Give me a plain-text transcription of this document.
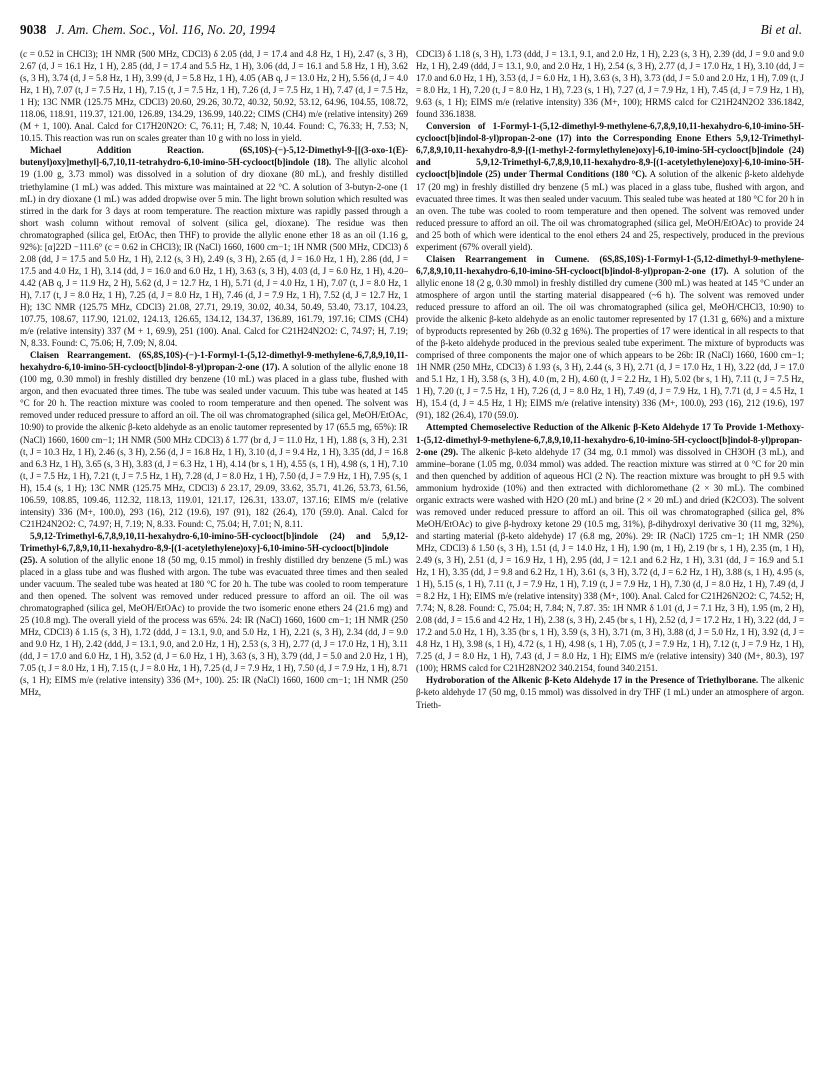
9038 J. Am. Chem. Soc., Vol. 116, No. 20, 1994	Bi et al.

(c = 0.52 in CHCl3); 1H NMR (500 MHz, CDCl3) δ 2.05 (dd, J = 17.4 and 4.8 Hz, 1 H), 2.47 (s, 3 H), 2.67 (d, J = 16.1 Hz, 1 H), 2.85 (dd, J = 17.4 and 5.5 Hz, 1 H), 3.06 (dd, J = 16.1 and 5.8 Hz, 1 H), 3.62 (s, 3 H), 3.74 (d, J = 5.8 Hz, 1 H), 3.99 (d, J = 5.8 Hz, 1 H), 4.05 (AB q, J = 13.0 Hz, 2 H), 5.56 (d, J = 4.0 Hz, 1 H), 7.07 (t, J = 7.5 Hz, 1 H), 7.15 (t, J = 7.5 Hz, 1 H), 7.26 (d, J = 7.5 Hz, 1 H), 7.47 (d, J = 7.5 Hz, 1 H); 13C NMR (125.75 MHz, CDCl3) 20.60, 29.26, 30.72, 40.32, 50.92, 53.12, 64.96, 104.55, 108.72, 118.06, 118.91, 119.37, 121.00, 126.89, 134.29, 136.99, 140.22; CIMS (CH4) m/e (relative intensity) 269 (M + 1, 100). Anal. Calcd for C17H20N2O: C, 76.11; H, 7.48; N, 10.44. Found: C, 76.33; H, 7.53; N, 10.15. This reaction was run on scales greater than 10 g with no loss in yield.

Michael Addition Reaction. (6S,10S)-(−)-5,12-Dimethyl-9-[[(3-oxo-1(E)-butenyl)oxy]methyl]-6,7,10,11-tetrahydro-6,10-imino-5H-cyclooct[b]indole (18). The allylic alcohol 19 (1.00 g, 3.73 mmol) was dissolved in a solution of dry dioxane (80 mL), and freshly distilled triethylamine (1 mL) was added. This mixture was maintained at 22 °C. A solution of 3-butyn-2-one (1 mL) in dry dioxane (1 mL) was added dropwise over 5 min. The light brown solution which resulted was stirred in the dark for 3 days at room temperature. The reaction mixture was rapidly passed through a short wash column without removal of solvent (silica gel, dioxane). The residue was then chromatographed (silica gel, EtOAc, then THF) to provide the allylic enone ether 18 as an oil (1.16 g, 92%): [α]22D −111.6° (c = 0.62 in CHCl3); IR (NaCl) 1660, 1600 cm−1; 1H NMR (500 MHz, CDCl3) δ 2.08 (dd, J = 17.5 and 5.0 Hz, 1 H), 2.12 (s, 3 H), 2.49 (s, 3 H), 2.65 (d, J = 16.0 Hz, 1 H), 2.86 (dd, J = 17.5 and 4.0 Hz, 1 H), 3.14 (dd, J = 16.0 and 6.0 Hz, 1 H), 3.63 (s, 3 H), 4.03 (d, J = 6.0 Hz, 1 H), 4.20–4.42 (AB q, J = 11.9 Hz, 2 H), 5.62 (d, J = 12.7 Hz, 1 H), 5.71 (d, J = 4.0 Hz, 1 H), 7.07 (t, J = 8.0 Hz, 1 H), 7.17 (t, J = 8.0 Hz, 1 H), 7.25 (d, J = 8.0 Hz, 1 H), 7.46 (d, J = 7.9 Hz, 1 H), 7.52 (d, J = 12.7 Hz, 1 H); 13C NMR (125.75 MHz, CDCl3) 21.08, 27.71, 29.19, 30.02, 40.34, 50.49, 53.40, 73.17, 104.23, 107.75, 108.67, 117.90, 121.02, 124.13, 126.65, 134.12, 134.37, 136.89, 161.79, 197.16; CIMS (CH4) m/e (relative intensity) 337 (M + 1, 69.9), 251 (100). Anal. Calcd for C21H24N2O2: C, 74.97; H, 7.19; N, 8.33. Found: C, 75.06; H, 7.09; N, 8.04.

Claisen Rearrangement. (6S,8S,10S)-(−)-1-Formyl-1-(5,12-dimethyl-9-methylene-6,7,8,9,10,11-hexahydro-6,10-imino-5H-cyclooct[b]indol-8-yl)propan-2-one (17). A solution of the allylic enone 18 (100 mg, 0.30 mmol) in freshly distilled dry benzene (10 mL) was placed in a glass tube, flushed with argon, and then evacuated three times. The tube was sealed under vacuum. This tube was heated at 145 °C for 20 h. The reaction mixture was cooled to room temperature and then opened. The solvent was removed under reduced pressure to afford an oil. The oil was chromatographed (silica gel, MeOH/EtOAc, 10:90) to provide the alkenic β-keto aldehyde as an enolic tautomer represented by 17 (65.5 mg, 65%): IR (NaCl) 1660, 1600 cm−1; 1H NMR (500 MHz CDCl3) δ 1.77 (br d, J = 11.0 Hz, 1 H), 1.88 (s, 3 H), 2.31 (t, J = 10.3 Hz, 1 H), 2.46 (s, 3 H), 2.56 (d, J = 16.8 Hz, 1 H), 3.10 (d, J = 9.4 Hz, 1 H), 3.35 (dd, J = 16.8 and 6.3 Hz, 1 H), 3.65 (s, 3 H), 3.83 (d, J = 6.3 Hz, 1 H), 4.14 (br s, 1 H), 4.55 (s, 1 H), 4.98 (s, 1 H), 7.10 (t, J = 7.5 Hz, 1 H), 7.21 (t, J = 7.5 Hz, 1 H), 7.28 (d, J = 8.0 Hz, 1 H), 7.50 (d, J = 7.9 Hz, 1 H), 7.95 (s, 1 H), 15.4 (s, 1 H); 13C NMR (125.75 MHz, CDCl3) δ 23.17, 29.09, 33.62, 35.71, 41.26, 53.73, 61.56, 106.59, 108.85, 109.46, 112.32, 118.13, 119.01, 121.17, 126.31, 133.07, 137.16; EIMS m/e (relative intensity) 336 (M+, 100.0), 293 (16), 212 (19.6), 197 (91), 182 (26.4), 170 (59.0). Anal. Calcd for C21H24N2O2: C, 74.97; H, 7.19; N, 8.33. Found: C, 75.04; H, 7.01; N, 8.11.

5,9,12-Trimethyl-6,7,8,9,10,11-hexahydro-6,10-imino-5H-cyclooct[b]indole (24) and 5,9,12-Trimethyl-6,7,8,9,10,11-hexahydro-8,9-[(1-acetylethylene)oxy]-6,10-imino-5H-cyclooct[b]indole (25). A solution of the allylic enone 18 (50 mg, 0.15 mmol) in freshly distilled dry benzene (5 mL) was placed in a glass tube and was flushed with argon. The tube was evacuated three times and then sealed under vacuum. The sealed tube was heated at 180 °C for 20 h. The tube was cooled to room temperature and then opened. The solvent was removed under reduced pressure to afford an oil. The oil was chromatographed (silica gel, MeOH/EtOAc) to provide the two isomeric enone ethers 24 (21.6 mg) and 25 (10.8 mg). The overall yield of the process was 65%. 24: IR (NaCl) 1660, 1600 cm−1; 1H NMR (250 MHz, CDCl3) δ 1.15 (s, 3 H), 1.72 (ddd, J = 13.1, 9.0, and 5.0 Hz, 1 H), 2.21 (s, 3 H), 2.34 (dd, J = 9.0 and 9.0 Hz, 1 H), 2.42 (ddd, J = 13.1, 9.0, and 2.0 Hz, 1 H), 2.53 (s, 3 H), 2.77 (d, J = 17.0 Hz, 1 H), 3.11 (dd, J = 17.0 and 6.0 Hz, 1 H), 3.52 (d, J = 6.0 Hz, 1 H), 3.63 (s, 3 H), 3.79 (dd, J = 5.0 and 2.0 Hz, 1 H), 7.05 (t, J = 8.0 Hz, 1 H), 7.15 (t, J = 8.0 Hz, 1 H), 7.25 (d, J = 7.9 Hz, 1 H), 7.50 (d, J = 7.9 Hz, 1 H), 8.71 (s, 1 H); EIMS m/e (relative intensity) 336 (M+, 100). 25: IR (NaCl) 1660, 1600 cm−1; 1H NMR (250 MHz,

CDCl3) δ 1.18 (s, 3 H), 1.73 (ddd, J = 13.1, 9.1, and 2.0 Hz, 1 H), 2.23 (s, 3 H), 2.39 (dd, J = 9.0 and 9.0 Hz, 1 H), 2.49 (ddd, J = 13.1, 9.0, and 2.0 Hz, 1 H), 2.54 (s, 3 H), 2.77 (d, J = 17.0 Hz, 1 H), 3.10 (dd, J = 17.0 and 6.0 Hz, 1 H), 3.53 (d, J = 6.0 Hz, 1 H), 3.63 (s, 3 H), 3.73 (dd, J = 5.0 and 2.0 Hz, 1 H), 7.09 (t, J = 8.0 Hz, 1 H), 7.20 (t, J = 8.0 Hz, 1 H), 7.23 (s, 1 H), 7.27 (d, J = 7.9 Hz, 1 H), 7.45 (d, J = 7.9 Hz, 1 H), 9.63 (s, 1 H); EIMS m/e (relative intensity) 336 (M+, 100); HRMS calcd for C21H24N2O2 336.1842, found 336.1838.

Conversion of 1-Formyl-1-(5,12-dimethyl-9-methylene-6,7,8,9,10,11-hexahydro-6,10-imino-5H-cyclooct[b]indol-8-yl)propan-2-one (17) into the Corresponding Enone Ethers 5,9,12-Trimethyl-6,7,8,9,10,11-hexahydro-8,9-[(1-methyl-2-formylethylene)oxy]-6,10-imino-5H-cyclooct[b]indole (24) and 5,9,12-Trimethyl-6,7,8,9,10,11-hexahydro-8,9-[(1-acetylethylene)oxy]-6,10-imino-5H-cyclooct[b]indole (25) under Thermal Conditions (180 °C). A solution of the alkenic β-keto aldehyde 17 (20 mg) in freshly distilled dry benzene (5 mL) was placed in a glass tube, flushed with argon, and evacuated three times. It was then sealed under vacuum. This sealed tube was heated at 180 °C for 20 h in an oven. The tube was cooled to room temperature and then opened. The solvent was removed under reduced pressure to afford an oil. The oil was chromatographed (silica gel, MeOH/EtOAc) to provide 24 and 25 both of which were identical to the enol ethers 24 and 25, respectively, produced in the previous experiment (67% overall yield).

Claisen Rearrangement in Cumene. (6S,8S,10S)-1-Formyl-1-(5,12-dimethyl-9-methylene-6,7,8,9,10,11-hexahydro-6,10-imino-5H-cyclooct[b]indol-8-yl)propan-2-one (17). A solution of the allylic enone 18 (2 g, 0.30 mmol) in freshly distilled dry cumene (300 mL) was heated at 145 °C under an atmosphere of argon until the starting material disappeared (~6 h). The solvent was removed under reduced pressure to afford an oil. The oil was chromatographed (silica gel, MeOH/CHCl3, 10:90) to provide the alkenic β-keto aldehyde as an enolic tautomer represented by 17 (1.31 g, 66%) and a mixture of byproducts represented by 26b (0.32 g 16%). The properties of 17 were identical in all respects to that of the β-keto aldehyde produced in the previous sealed tube experiment. The mixture of byproducts was comprised of three components the major one of which appears to be 26b: IR (NaCl) 1660, 1600 cm−1; 1H NMR (250 MHz, CDCl3) δ 1.93 (s, 3 H), 2.44 (s, 3 H), 2.71 (d, J = 17.0 Hz, 1 H), 3.22 (dd, J = 17.0 and 5.1 Hz, 1 H), 3.58 (s, 3 H), 4.0 (m, 2 H), 4.60 (t, J = 2.2 Hz, 1 H), 5.02 (br s, 1 H), 7.11 (t, J = 7.5 Hz, 1 H), 7.20 (t, J = 7.5 Hz, 1 H), 7.26 (d, J = 8.0 Hz, 1 H), 7.49 (d, J = 7.9 Hz, 1 H), 7.71 (d, J = 4.5 Hz, 1 H), 15.4 (d, J = 4.5 Hz, 1 H); EIMS m/e (relative intensity) 336 (M+, 100.0), 293 (16), 212 (19.6), 197 (91), 182 (26.4), 170 (59.0).

Attempted Chemoselective Reduction of the Alkenic β-Keto Aldehyde 17 To Provide 1-Methoxy-1-(5,12-dimethyl-9-methylene-6,7,8,9,10,11-hexahydro-6,10-imino-5H-cyclooct[b]indol-8-yl)propan-2-one (29). The alkenic β-keto aldehyde 17 (34 mg, 0.1 mmol) was dissolved in CH3OH (3 mL), and ammine–borane (1.05 mg, 0.034 mmol) was added. The reaction mixture was stirred at 0 °C for 20 min and then quenched by addition of aqueous HCl (2 N). The reaction mixture was brought to pH 9.5 with ammonium hydroxide (10%) and then extracted with dichloromethane (2 × 30 mL). The combined organic extracts were washed with H2O (20 mL) and brine (2 × 20 mL) and dried (K2CO3). The solvent was removed under reduced pressure to afford an oil. This oil was chromatographed (silica gel, 8% MeOH/EtOAc) to give β-hydroxy ketone 29 (10.5 mg, 31%), β-dihydroxyl derivative 30 (11 mg, 32%), and starting material (β-keto aldehyde) 17 (6.8 mg, 20%). 29: IR (NaCl) 1725 cm−1; 1H NMR (250 MHz, CDCl3) δ 1.50 (s, 3 H), 1.51 (d, J = 14.0 Hz, 1 H), 1.90 (m, 1 H), 2.19 (br s, 1 H), 2.35 (m, 1 H), 2.49 (s, 3 H), 2.51 (d, J = 16.9 Hz, 1 H), 2.95 (dd, J = 12.1 and 6.2 Hz, 1 H), 3.31 (dd, J = 16.9 and 5.1 Hz, 1 H), 3.35 (dd, J = 9.8 and 6.2 Hz, 1 H), 3.61 (s, 3 H), 3.72 (d, J = 6.2 Hz, 1 H), 3.88 (s, 1 H), 4.95 (s, 1 H), 5.15 (s, 1 H), 7.11 (t, J = 7.9 Hz, 1 H), 7.19 (t, J = 7.9 Hz, 1 H), 7.30 (d, J = 8.0 Hz, 1 H), 7.49 (d, J = 8.2 Hz, 1 H); EIMS m/e (relative intensity) 338 (M+, 100). Anal. Calcd for C21H26N2O2: C, 74.52; H, 7.74; N, 8.28. Found: C, 75.04; H, 7.84; N, 7.87. 35: 1H NMR δ 1.01 (d, J = 7.1 Hz, 3 H), 1.95 (m, 2 H), 2.08 (dd, J = 15.6 and 4.2 Hz, 1 H), 2.38 (s, 3 H), 2.45 (br s, 1 H), 2.52 (d, J = 17.2 Hz, 1 H), 3.22 (dd, J = 17.2 and 5.0 Hz, 1 H), 3.35 (br s, 1 H), 3.59 (s, 3 H), 3.71 (m, 3 H), 3.88 (d, J = 5.0 Hz, 1 H), 3.92 (d, J = 4.8 Hz, 1 H), 3.98 (s, 1 H), 4.72 (s, 1 H), 4.98 (s, 1 H), 7.05 (t, J = 7.9 Hz, 1 H), 7.12 (t, J = 7.9 Hz, 1 H), 7.25 (d, J = 8.0 Hz, 1 H), 7.43 (d, J = 8.0 Hz, 1 H); EIMS m/e (relative intensity) 340 (M+, 80.3), 197 (100); HRMS calcd for C21H28N2O2 340.2154, found 340.2151.

Hydroboration of the Alkenic β-Keto Aldehyde 17 in the Presence of Triethylborane. The alkenic β-keto aldehyde 17 (50 mg, 0.15 mmol) was dissolved in dry THF (1 mL) under an atmosphere of argon. Trieth-
